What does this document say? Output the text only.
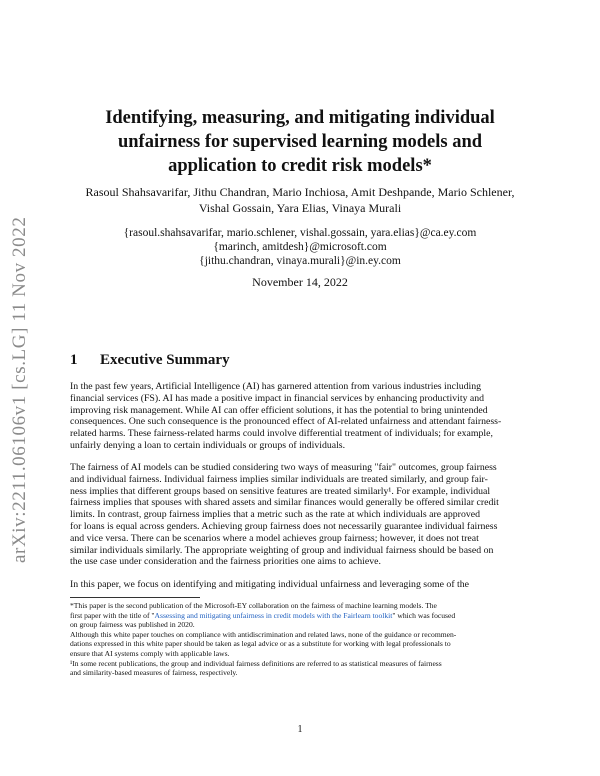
arXiv:2211.06106v1 [cs.LG] 11 Nov 2022
Identifying, measuring, and mitigating individual
unfairness for supervised learning models and
application to credit risk models*
Rasoul Shahsavarifar, Jithu Chandran, Mario Inchiosa, Amit Deshpande, Mario Schlener,
Vishal Gossain, Yara Elias, Vinaya Murali
{rasoul.shahsavarifar, mario.schlener, vishal.gossain, yara.elias}@ca.ey.com
{marinch, amitdesh}@microsoft.com
{jithu.chandran, vinaya.murali}@in.ey.com
November 14, 2022
1 Executive Summary
In the past few years, Artificial Intelligence (AI) has garnered attention from various industries including
financial services (FS). AI has made a positive impact in financial services by enhancing productivity and
improving risk management. While AI can offer efficient solutions, it has the potential to bring unintended
consequences. One such consequence is the pronounced effect of AI-related unfairness and attendant fairness-
related harms. These fairness-related harms could involve differential treatment of individuals; for example,
unfairly denying a loan to certain individuals or groups of individuals.
The fairness of AI models can be studied considering two ways of measuring "fair" outcomes, group fairness
and individual fairness. Individual fairness implies similar individuals are treated similarly, and group fair-
ness implies that different groups based on sensitive features are treated similarly¹. For example, individual
fairness implies that spouses with shared assets and similar finances would generally be offered similar credit
limits. In contrast, group fairness implies that a metric such as the rate at which individuals are approved
for loans is equal across genders. Achieving group fairness does not necessarily guarantee individual fairness
and vice versa. There can be scenarios where a model achieves group fairness; however, it does not treat
similar individuals similarly. The appropriate weighting of group and individual fairness should be based on
the use case under consideration and the fairness priorities one aims to achieve.
In this paper, we focus on identifying and mitigating individual unfairness and leveraging some of the
*This paper is the second publication of the Microsoft-EY collaboration on the fairness of machine learning models. The
first paper with the title of "Assessing and mitigating unfairness in credit models with the Fairlearn toolkit" which was focused
on group fairness was published in 2020.
Although this white paper touches on compliance with antidiscrimination and related laws, none of the guidance or recommen-
dations expressed in this white paper should be taken as legal advice or as a substitute for working with legal professionals to
ensure that AI systems comply with applicable laws.
¹In some recent publications, the group and individual fairness definitions are referred to as statistical measures of fairness
and similarity-based measures of fairness, respectively.
1
